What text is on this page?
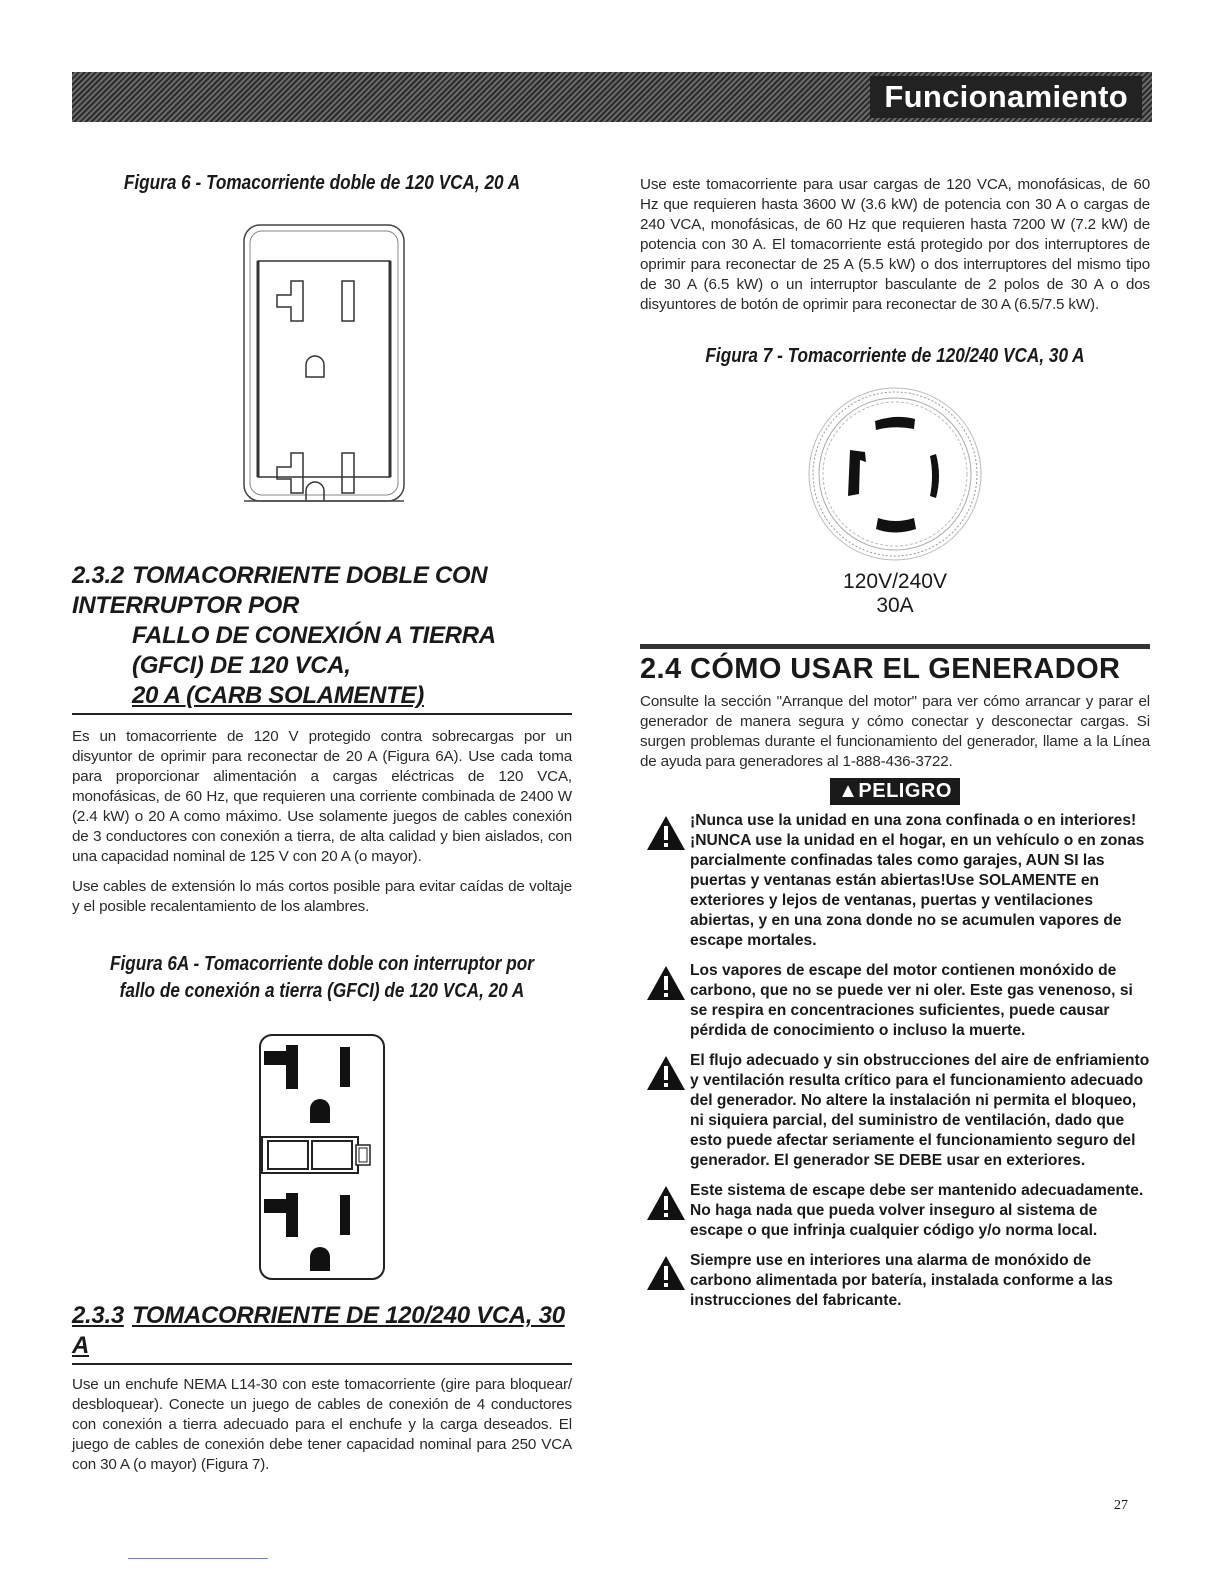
Funcionamiento

Figura 6 - Tomacorriente doble de 120 VCA, 20 A

2.3.2 TOMACORRIENTE DOBLE CON INTERRUPTOR POR
FALLO DE CONEXIÓN A TIERRA (GFCI) DE 120 VCA,
20 A (CARB SOLAMENTE)

Es un tomacorriente de 120 V protegido contra sobrecargas por un disyuntor de oprimir para reconectar de 20 A (Figura 6A). Use cada toma para proporcionar alimentación a cargas eléctricas de 120 VCA, monofásicas, de 60 Hz, que requieren una corriente combinada de 2400 W (2.4 kW) o 20 A como máximo. Use solamente juegos de cables conexión de 3 conductores con conexión a tierra, de alta calidad y bien aislados, con una capacidad nominal de 125 V con 20 A (o mayor).

Use cables de extensión lo más cortos posible para evitar caídas de voltaje y el posible recalentamiento de los alambres.

Figura 6A - Tomacorriente doble con interruptor por
fallo de conexión a tierra (GFCI) de 120 VCA, 20 A

2.3.3 TOMACORRIENTE DE 120/240 VCA, 30 A

Use un enchufe NEMA L14-30 con este tomacorriente (gire para bloquear/ desbloquear). Conecte un juego de cables de conexión de 4 conductores con conexión a tierra adecuado para el enchufe y la carga deseados. El juego de cables de conexión debe tener capacidad nominal para 250 VCA con 30 A (o mayor) (Figura 7).

Use este tomacorriente para usar cargas de 120 VCA, monofásicas, de 60 Hz que requieren hasta 3600 W (3.6 kW) de potencia con 30 A o cargas de 240 VCA, monofásicas, de 60 Hz que requieren hasta 7200 W (7.2 kW) de potencia con 30 A. El tomacorriente está protegido por dos interruptores de oprimir para reconectar de 25 A (5.5 kW) o dos interruptores del mismo tipo de 30 A (6.5 kW) o un interruptor basculante de 2 polos de 30 A o dos disyuntores de botón de oprimir para reconectar de 30 A (6.5/7.5 kW).

Figura 7 - Tomacorriente de 120/240 VCA, 30 A

120V/240V
30A
2.4 CÓMO USAR EL GENERADOR

Consulte la sección "Arranque del motor" para ver cómo arrancar y parar el generador de manera segura y cómo conectar y desconectar cargas. Si surgen problemas durante el funcionamiento del generador, llame a la Línea de ayuda para generadores al 1-888-436-3722.

▲PELIGRO

¡Nunca use la unidad en una zona confinada o en interiores! ¡NUNCA use la unidad en el hogar, en un vehículo o en zonas parcialmente confinadas tales como garajes, AUN SI las puertas y ventanas están abiertas!Use SOLAMENTE en exteriores y lejos de ventanas, puertas y ventilaciones abiertas, y en una zona donde no se acumulen vapores de escape mortales.

Los vapores de escape del motor contienen monóxido de carbono, que no se puede ver ni oler. Este gas venenoso, si se respira en concentraciones suficientes, puede causar pérdida de conocimiento o incluso la muerte.

El flujo adecuado y sin obstrucciones del aire de enfriamiento y ventilación resulta crítico para el funcionamiento adecuado del generador. No altere la instalación ni permita el bloqueo, ni siquiera parcial, del suministro de ventilación, dado que esto puede afectar seriamente el funcionamiento seguro del generador. El generador SE DEBE usar en exteriores.

Este sistema de escape debe ser mantenido adecuadamente. No haga nada que pueda volver inseguro al sistema de escape o que infrinja cualquier código y/o norma local.

Siempre use en interiores una alarma de monóxido de carbono alimentada por batería, instalada conforme a las instrucciones del fabricante.

27
